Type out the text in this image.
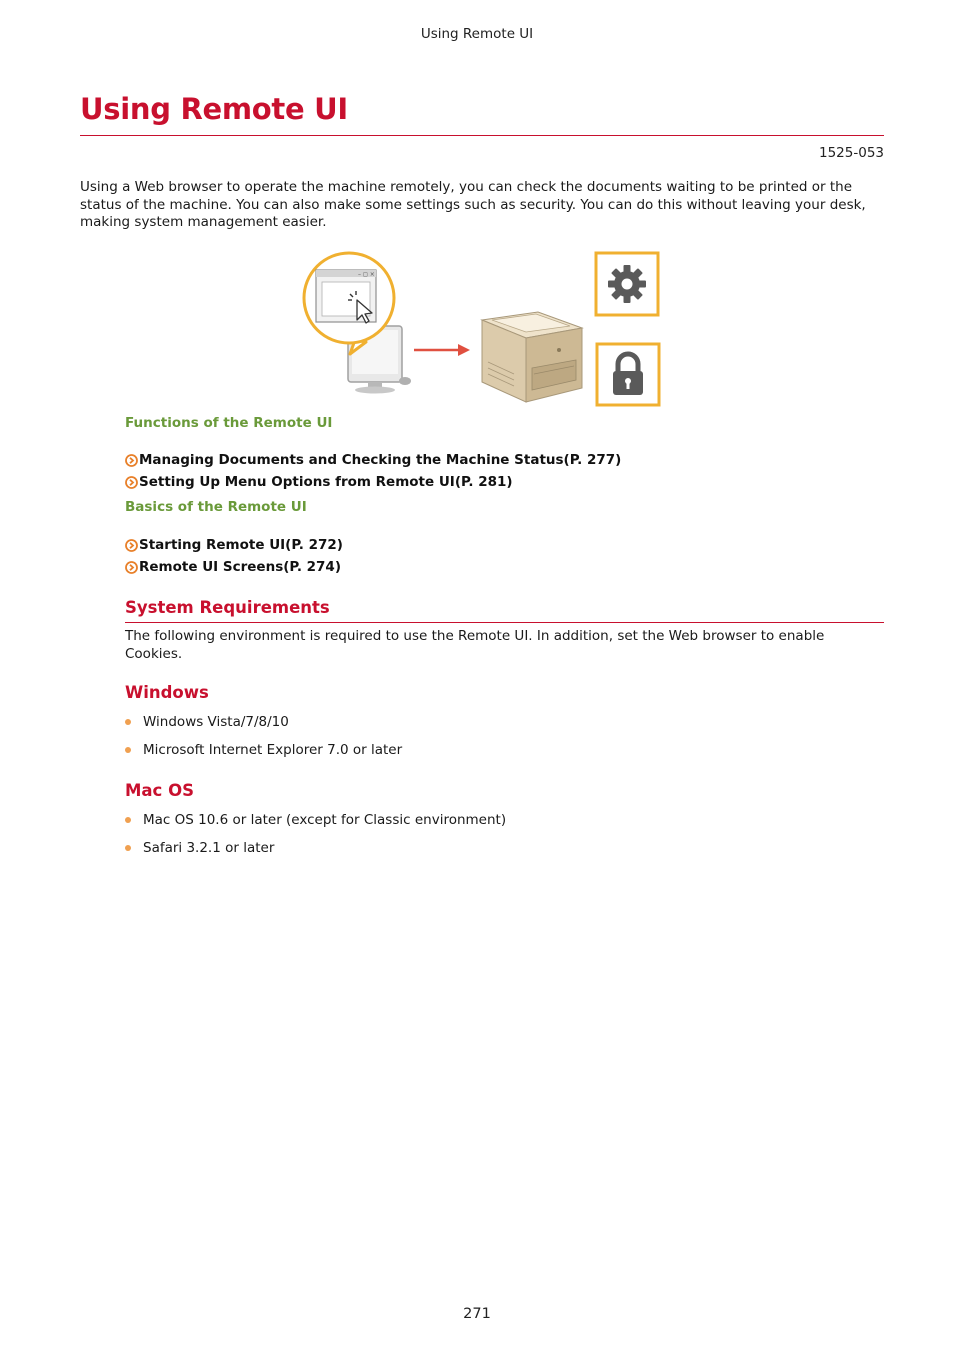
Using Remote UI
Using Remote UI
1525-053

Using a Web browser to operate the machine remotely, you can check the documents waiting to be printed or the status of the machine. You can also make some settings such as security. You can do this without leaving your desk, making system management easier.

– ◻ ×
Functions of the Remote UI
Managing Documents and Checking the Machine Status(P. 277)
Setting Up Menu Options from Remote UI(P. 281)
Basics of the Remote UI
Starting Remote UI(P. 272)
Remote UI Screens(P. 274)
System Requirements

The following environment is required to use the Remote UI. In addition, set the Web browser to enable Cookies.

Windows
Windows Vista/7/8/10
Microsoft Internet Explorer 7.0 or later
Mac OS
Mac OS 10.6 or later (except for Classic environment)
Safari 3.2.1 or later
271
